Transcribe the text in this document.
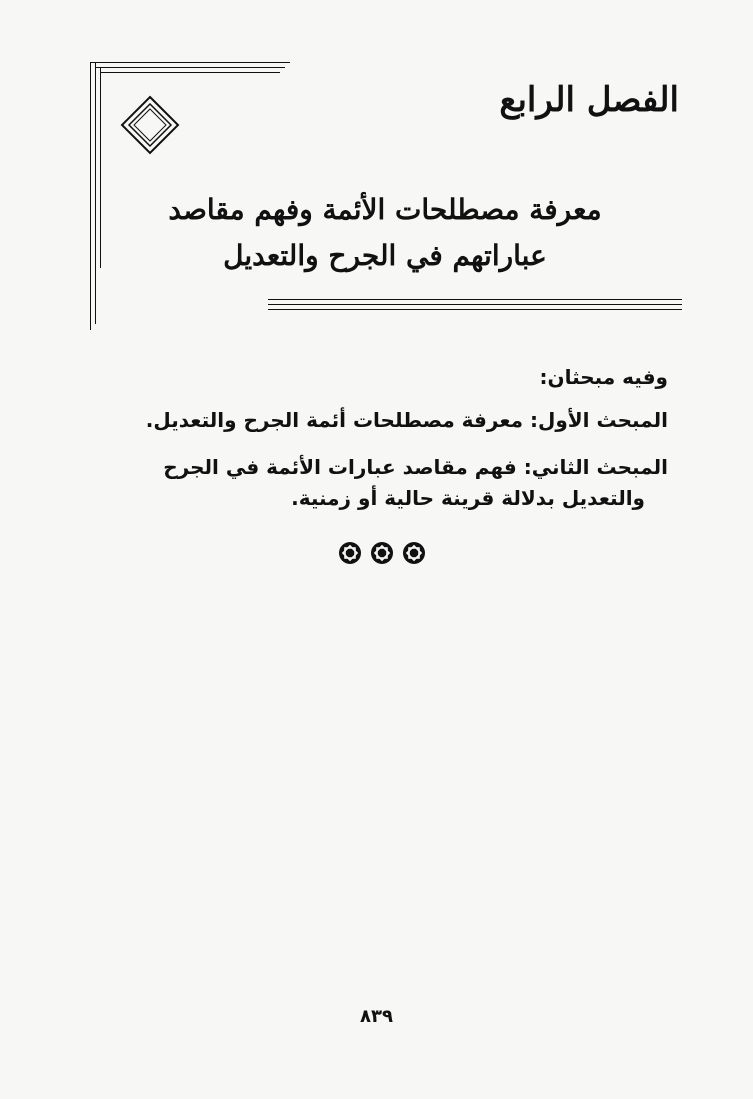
الفصل الرابع
معرفة مصطلحات الأئمة وفهم مقاصد
عباراتهم في الجرح والتعديل
وفيه مبحثان:
المبحث الأول: معرفة مصطلحات أئمة الجرح والتعديل.
المبحث الثاني: فهم مقاصد عبارات الأئمة في الجرح
والتعديل بدلالة قرينة حالية أو زمنية.
٨٣٩
